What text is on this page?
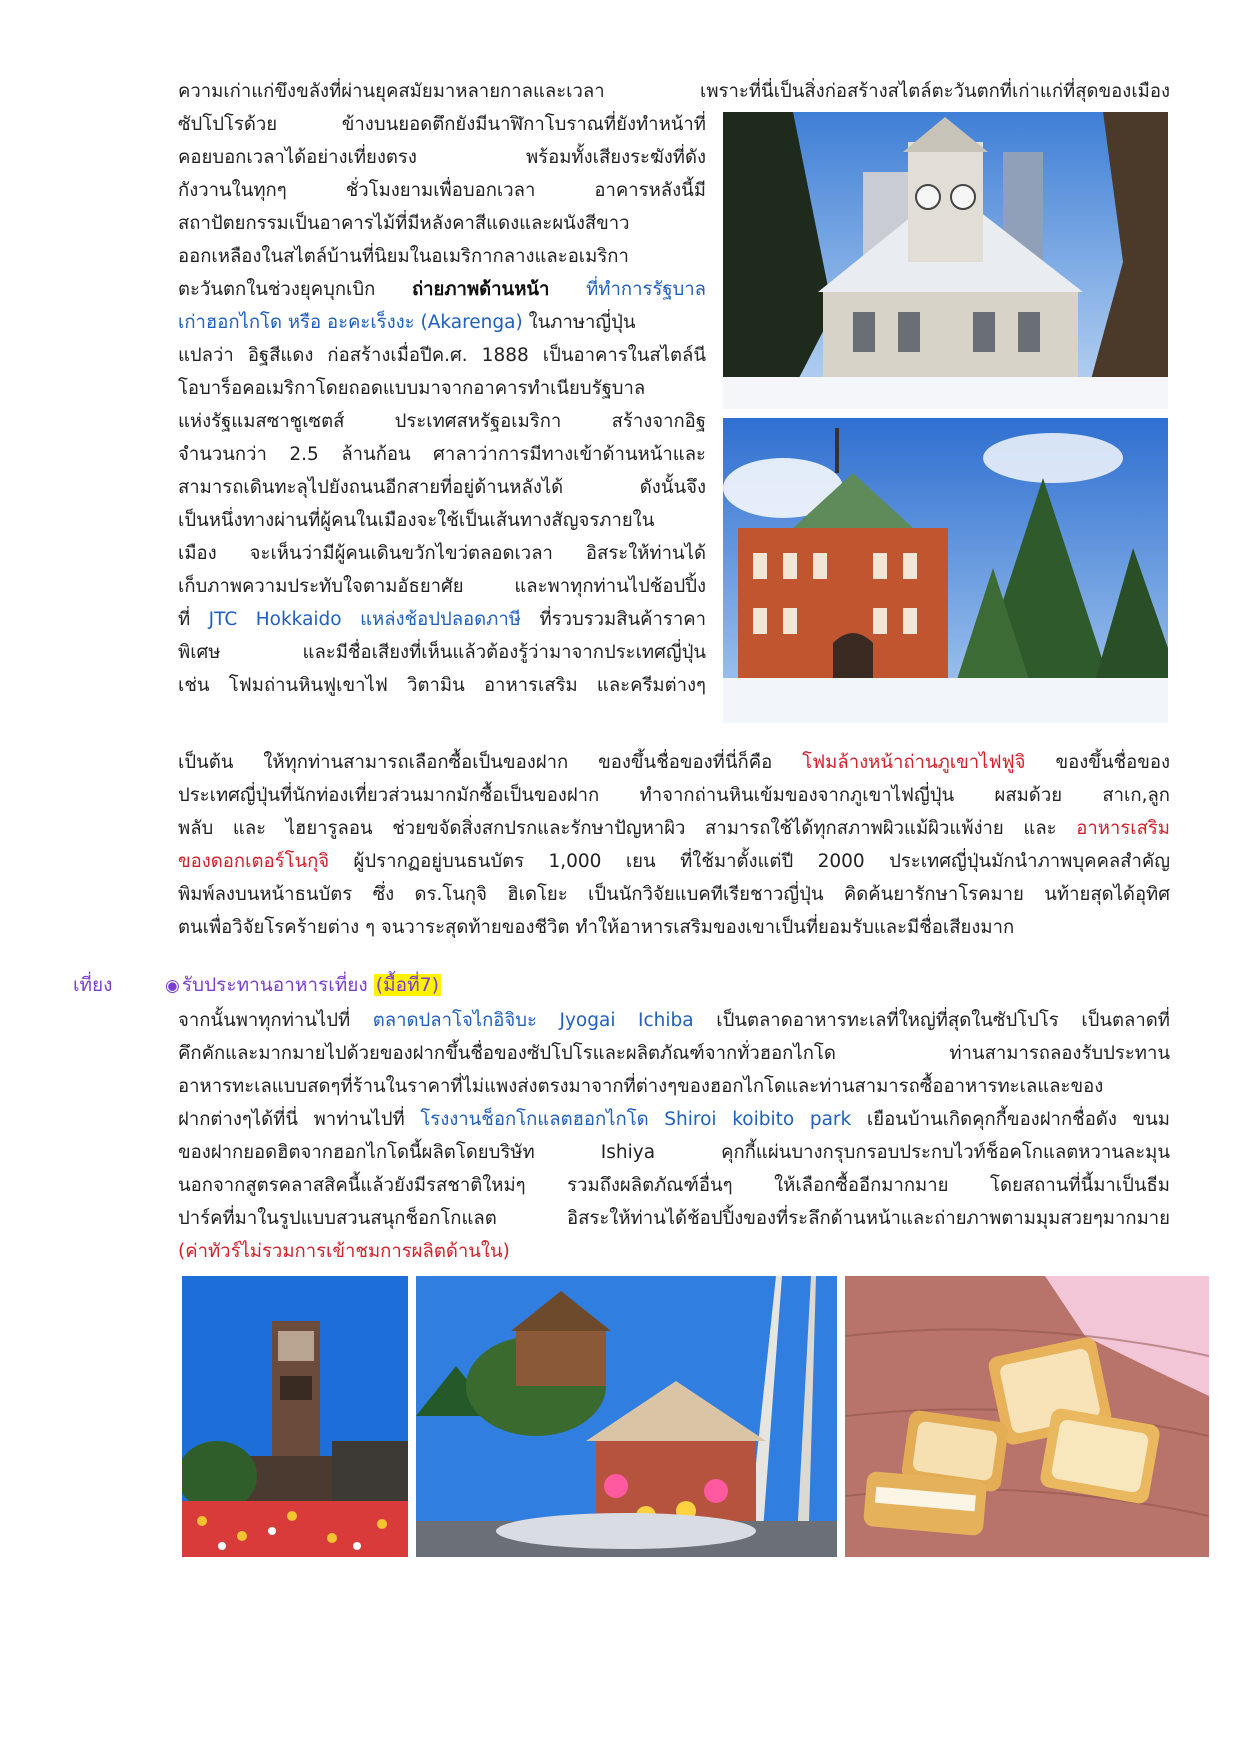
ความเก่าแก่ขึงขลังที่ผ่านยุคสมัยมาหลายกาลและเวลา เพราะที่นี่เป็นสิ่งก่อสร้างสไตล์ตะวันตกที่เก่าแก่ที่สุดของเมือง
ซัปโปโรด้วย ข้างบนยอดตึกยังมีนาฬิกาโบราณที่ยังทำหน้าที่
คอยบอกเวลาได้อย่างเที่ยงตรง พร้อมทั้งเสียงระฆังที่ดัง
กังวานในทุกๆ ชั่วโมงยามเพื่อบอกเวลา อาคารหลังนี้มี
สถาปัตยกรรมเป็นอาคารไม้ที่มีหลังคาสีแดงและผนังสีขาว
ออกเหลืองในสไตล์บ้านที่นิยมในอเมริกากลางและอเมริกา
ตะวันตกในช่วงยุคบุกเบิก ถ่ายภาพด้านหน้า ที่ทำการรัฐบาล
เก่าฮอกไกโด หรือ อะคะเร็งงะ (Akarenga) ในภาษาญี่ปุ่น
แปลว่า อิฐสีแดง ก่อสร้างเมื่อปีค.ศ. 1888 เป็นอาคารในสไตล์นี
โอบาร็อคอเมริกาโดยถอดแบบมาจากอาคารทำเนียบรัฐบาล
แห่งรัฐแมสซาชูเซตส์ ประเทศสหรัฐอเมริกา สร้างจากอิฐ
จำนวนกว่า 2.5 ล้านก้อน ศาลาว่าการมีทางเข้าด้านหน้าและ
สามารถเดินทะลุไปยังถนนอีกสายที่อยู่ด้านหลังได้ ดังนั้นจึง
เป็นหนึ่งทางผ่านที่ผู้คนในเมืองจะใช้เป็นเส้นทางสัญจรภายใน
เมือง จะเห็นว่ามีผู้คนเดินขวักไขว่ตลอดเวลา อิสระให้ท่านได้
เก็บภาพความประทับใจตามอัธยาศัย และพาทุกท่านไปช้อปปิ้ง
ที่ JTC Hokkaido แหล่งช้อปปลอดภาษี ที่รวบรวมสินค้าราคา
พิเศษ และมีชื่อเสียงที่เห็นแล้วต้องรู้ว่ามาจากประเทศญี่ปุ่น
เช่น โฟมถ่านหินฟูเขาไฟ วิตามิน อาหารเสริม และครีมต่างๆ
เป็นต้น ให้ทุกท่านสามารถเลือกซื้อเป็นของฝาก ของขึ้นชื่อของที่นี่ก็คือ โฟมล้างหน้าถ่านภูเขาไฟฟูจิ ของขึ้นชื่อของ
ประเทศญี่ปุ่นที่นักท่องเที่ยวส่วนมากมักซื้อเป็นของฝาก ทำจากถ่านหินเข้มของจากภูเขาไฟญี่ปุ่น ผสมด้วย สาเก,ลูก
พลับ และ ไฮยารูลอน ช่วยขจัดสิ่งสกปรกและรักษาปัญหาผิว สามารถใช้ได้ทุกสภาพผิวแม้ผิวแพ้ง่าย และ อาหารเสริม
ของดอกเตอร์โนกุจิ ผู้ปรากฏอยู่บนธนบัตร 1,000 เยน ที่ใช้มาตั้งแต่ปี 2000 ประเทศญี่ปุ่นมักนำภาพบุคคลสำคัญ
พิมพ์ลงบนหน้าธนบัตร ซึ่ง ดร.โนกุจิ ฮิเดโยะ เป็นนักวิจัยแบคทีเรียชาวญี่ปุ่น คิดค้นยารักษาโรคมาย นท้ายสุดได้อุทิศ
ตนเพื่อวิจัยโรคร้ายต่าง ๆ จนวาระสุดท้ายของชีวิต ทำให้อาหารเสริมของเขาเป็นที่ยอมรับและมีชื่อเสียงมาก
เที่ยง	◉ รับประทานอาหารเที่ยง (มื้อที่7)
จากนั้นพาทุกท่านไปที่ ตลาดปลาโจไกอิจิบะ Jyogai Ichiba เป็นตลาดอาหารทะเลที่ใหญ่ที่สุดในซัปโปโร เป็นตลาดที่
คึกคักและมากมายไปด้วยของฝากขึ้นชื่อของซัปโปโรและผลิตภัณฑ์จากทั่วฮอกไกโด ท่านสามารถลองรับประทาน
อาหารทะเลแบบสดๆที่ร้านในราคาที่ไม่แพงส่งตรงมาจากที่ต่างๆของฮอกไกโดและท่านสามารถซื้ออาหารทะเลและของ
ฝากต่างๆได้ที่นี่ พาท่านไปที่ โรงงานช็อกโกแลตฮอกไกโด Shiroi koibito park เยือนบ้านเกิดคุกกี้ของฝากชื่อดัง ขนม
ของฝากยอดฮิตจากฮอกไกโดนี้ผลิตโดยบริษัท Ishiya คุกกี้แผ่นบางกรุบกรอบประกบไวท์ช็อคโกแลตหวานละมุน
นอกจากสูตรคลาสสิคนี้แล้วยังมีรสชาติใหม่ๆ รวมถึงผลิตภัณฑ์อื่นๆ ให้เลือกซื้ออีกมากมาย โดยสถานที่นี้มาเป็นธีม
ปาร์คที่มาในรูปแบบสวนสนุกช็อกโกแลต อิสระให้ท่านได้ช้อปปิ้งของที่ระลึกด้านหน้าและถ่ายภาพตามมุมสวยๆมากมาย
(ค่าทัวร์ไม่รวมการเข้าชมการผลิตด้านใน)
